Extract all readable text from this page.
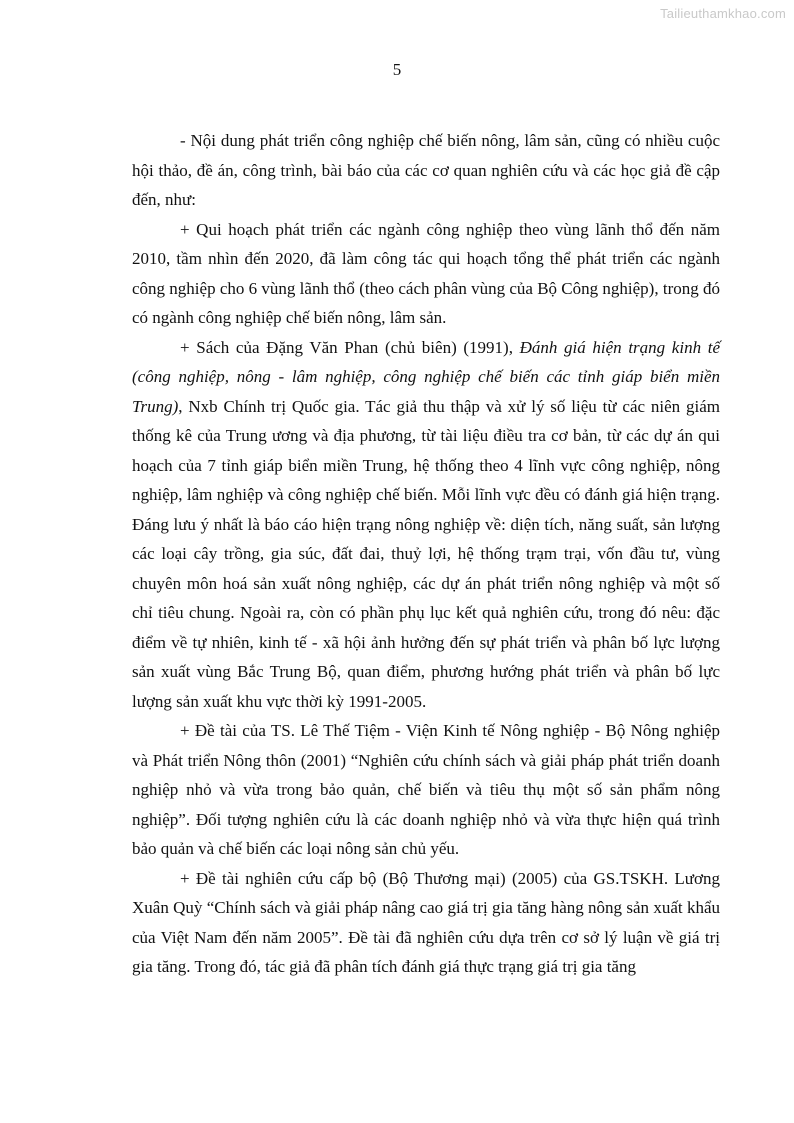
Tailieuthamkhao.com
5

- Nội dung phát triển công nghiệp chế biến nông, lâm sản, cũng có nhiều cuộc hội thảo, đề án, công trình, bài báo của các cơ quan nghiên cứu và các học giả đề cập đến, như:

+ Qui hoạch phát triển các ngành công nghiệp theo vùng lãnh thổ đến năm 2010, tầm nhìn đến 2020, đã làm công tác qui hoạch tổng thể phát triển các ngành công nghiệp cho 6 vùng lãnh thổ (theo cách phân vùng của Bộ Công nghiệp), trong đó có ngành công nghiệp chế biến nông, lâm sản.

+ Sách của Đặng Văn Phan (chủ biên) (1991), Đánh giá hiện trạng kinh tế (công nghiệp, nông - lâm nghiệp, công nghiệp chế biến các tỉnh giáp biển miền Trung), Nxb Chính trị Quốc gia. Tác giả thu thập và xử lý số liệu từ các niên giám thống kê của Trung ương và địa phương, từ tài liệu điều tra cơ bản, từ các dự án qui hoạch của 7 tỉnh giáp biển miền Trung, hệ thống theo 4 lĩnh vực công nghiệp, nông nghiệp, lâm nghiệp và công nghiệp chế biến. Mỗi lĩnh vực đều có đánh giá hiện trạng. Đáng lưu ý nhất là báo cáo hiện trạng nông nghiệp về: diện tích, năng suất, sản lượng các loại cây trồng, gia súc, đất đai, thuỷ lợi, hệ thống trạm trại, vốn đầu tư, vùng chuyên môn hoá sản xuất nông nghiệp, các dự án phát triển nông nghiệp và một số chỉ tiêu chung. Ngoài ra, còn có phần phụ lục kết quả nghiên cứu, trong đó nêu: đặc điểm về tự nhiên, kinh tế - xã hội ảnh hưởng đến sự phát triển và phân bố lực lượng sản xuất vùng Bắc Trung Bộ, quan điểm, phương hướng phát triển và phân bố lực lượng sản xuất khu vực thời kỳ 1991-2005.

+ Đề tài của TS. Lê Thế Tiệm - Viện Kinh tế Nông nghiệp - Bộ Nông nghiệp và Phát triển Nông thôn (2001) “Nghiên cứu chính sách và giải pháp phát triển doanh nghiệp nhỏ và vừa trong bảo quản, chế biến và tiêu thụ một số sản phẩm nông nghiệp”. Đối tượng nghiên cứu là các doanh nghiệp nhỏ và vừa thực hiện quá trình bảo quản và chế biến các loại nông sản chủ yếu.

+ Đề tài nghiên cứu cấp bộ (Bộ Thương mại) (2005) của GS.TSKH. Lương Xuân Quỳ “Chính sách và giải pháp nâng cao giá trị gia tăng hàng nông sản xuất khẩu của Việt Nam đến năm 2005”. Đề tài đã nghiên cứu dựa trên cơ sở lý luận về giá trị gia tăng. Trong đó, tác giả đã phân tích đánh giá thực trạng giá trị gia tăng
